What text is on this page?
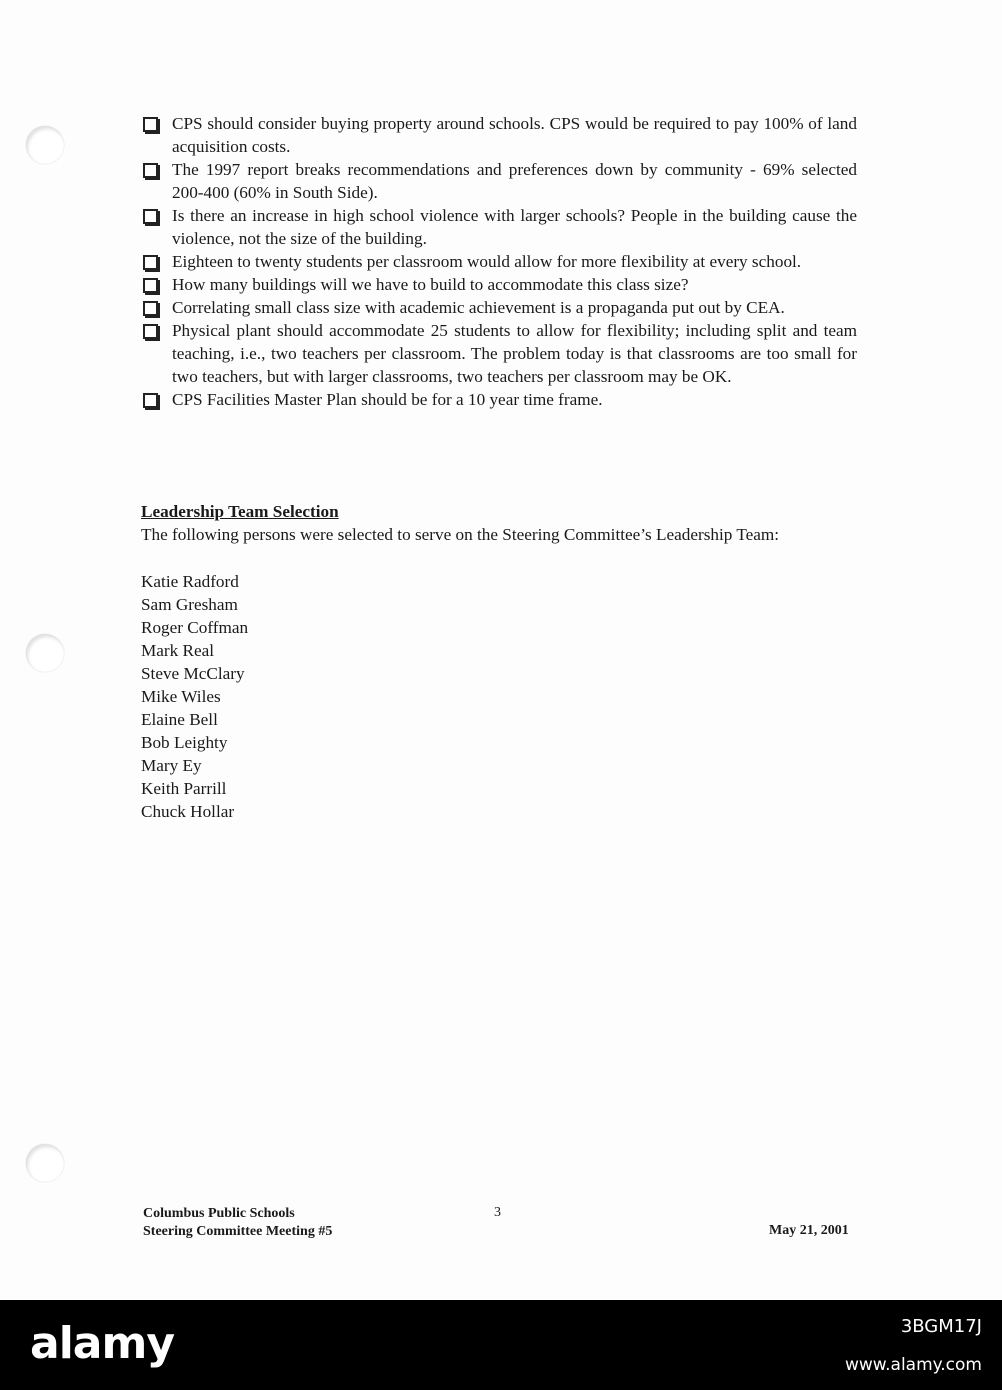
CPS should consider buying property around schools. CPS would be required to pay 100% of land acquisition costs.
The 1997 report breaks recommendations and preferences down by community - 69% selected 200-400 (60% in South Side).
Is there an increase in high school violence with larger schools? People in the building cause the violence, not the size of the building.
Eighteen to twenty students per classroom would allow for more flexibility at every school.
How many buildings will we have to build to accommodate this class size?
Correlating small class size with academic achievement is a propaganda put out by CEA.
Physical plant should accommodate 25 students to allow for flexibility; including split and team teaching, i.e., two teachers per classroom. The problem today is that classrooms are too small for two teachers, but with larger classrooms, two teachers per classroom may be OK.
CPS Facilities Master Plan should be for a 10 year time frame.
Leadership Team Selection
The following persons were selected to serve on the Steering Committee’s Leadership Team:
Katie Radford
Sam Gresham
Roger Coffman
Mark Real
Steve McClary
Mike Wiles
Elaine Bell
Bob Leighty
Mary Ey
Keith Parrill
Chuck Hollar
Columbus Public Schools
Steering Committee Meeting #5
3
May 21, 2001
alamy	3BGM17J
www.alamy.com
